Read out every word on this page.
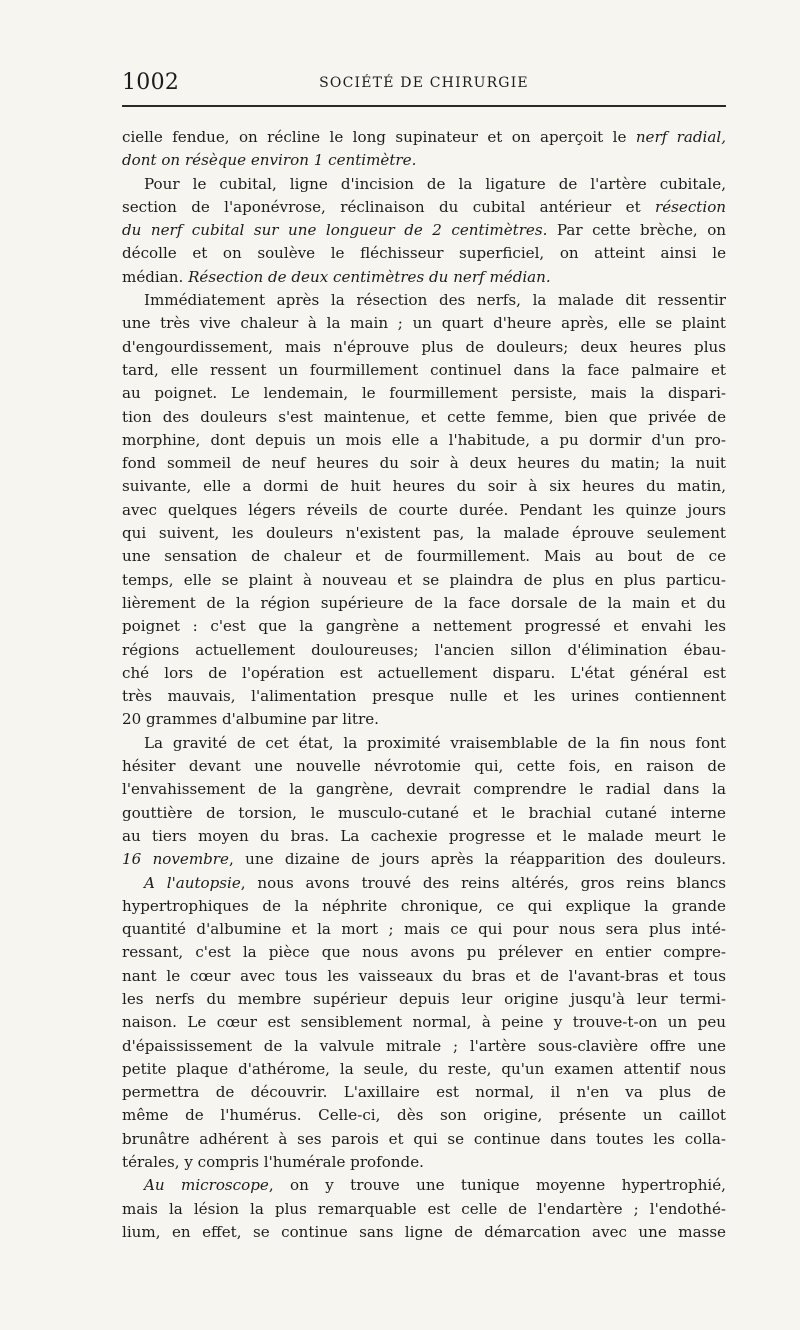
1002	SOCIÉTÉ DE CHIRURGIE
cielle fendue, on récline le long supinateur et on aperçoit le nerf radial,
dont on résèque environ 1 centimètre.
Pour le cubital, ligne d'incision de la ligature de l'artère cubitale,
section de l'aponévrose, réclinaison du cubital antérieur et résection
du nerf cubital sur une longueur de 2 centimètres. Par cette brèche, on
décolle et on soulève le fléchisseur superficiel, on atteint ainsi le
médian. Résection de deux centimètres du nerf médian.
Immédiatement après la résection des nerfs, la malade dit ressentir
une très vive chaleur à la main ; un quart d'heure après, elle se plaint
d'engourdissement, mais n'éprouve plus de douleurs; deux heures plus
tard, elle ressent un fourmillement continuel dans la face palmaire et
au poignet. Le lendemain, le fourmillement persiste, mais la dispari-
tion des douleurs s'est maintenue, et cette femme, bien que privée de
morphine, dont depuis un mois elle a l'habitude, a pu dormir d'un pro-
fond sommeil de neuf heures du soir à deux heures du matin; la nuit
suivante, elle a dormi de huit heures du soir à six heures du matin,
avec quelques légers réveils de courte durée. Pendant les quinze jours
qui suivent, les douleurs n'existent pas, la malade éprouve seulement
une sensation de chaleur et de fourmillement. Mais au bout de ce
temps, elle se plaint à nouveau et se plaindra de plus en plus particu-
lièrement de la région supérieure de la face dorsale de la main et du
poignet : c'est que la gangrène a nettement progressé et envahi les
régions actuellement douloureuses; l'ancien sillon d'élimination ébau-
ché lors de l'opération est actuellement disparu. L'état général est
très mauvais, l'alimentation presque nulle et les urines contiennent
20 grammes d'albumine par litre.
La gravité de cet état, la proximité vraisemblable de la fin nous font
hésiter devant une nouvelle névrotomie qui, cette fois, en raison de
l'envahissement de la gangrène, devrait comprendre le radial dans la
gouttière de torsion, le musculo-cutané et le brachial cutané interne
au tiers moyen du bras. La cachexie progresse et le malade meurt le
16 novembre, une dizaine de jours après la réapparition des douleurs.
A l'autopsie, nous avons trouvé des reins altérés, gros reins blancs
hypertrophiques de la néphrite chronique, ce qui explique la grande
quantité d'albumine et la mort ; mais ce qui pour nous sera plus inté-
ressant, c'est la pièce que nous avons pu prélever en entier compre-
nant le cœur avec tous les vaisseaux du bras et de l'avant-bras et tous
les nerfs du membre supérieur depuis leur origine jusqu'à leur termi-
naison. Le cœur est sensiblement normal, à peine y trouve-t-on un peu
d'épaississement de la valvule mitrale ; l'artère sous-clavière offre une
petite plaque d'athérome, la seule, du reste, qu'un examen attentif nous
permettra de découvrir. L'axillaire est normal, il n'en va plus de
même de l'humérus. Celle-ci, dès son origine, présente un caillot
brunâtre adhérent à ses parois et qui se continue dans toutes les colla-
térales, y compris l'humérale profonde.
Au microscope, on y trouve une tunique moyenne hypertrophié,
mais la lésion la plus remarquable est celle de l'endartère ; l'endothé-
lium, en effet, se continue sans ligne de démarcation avec une masse
